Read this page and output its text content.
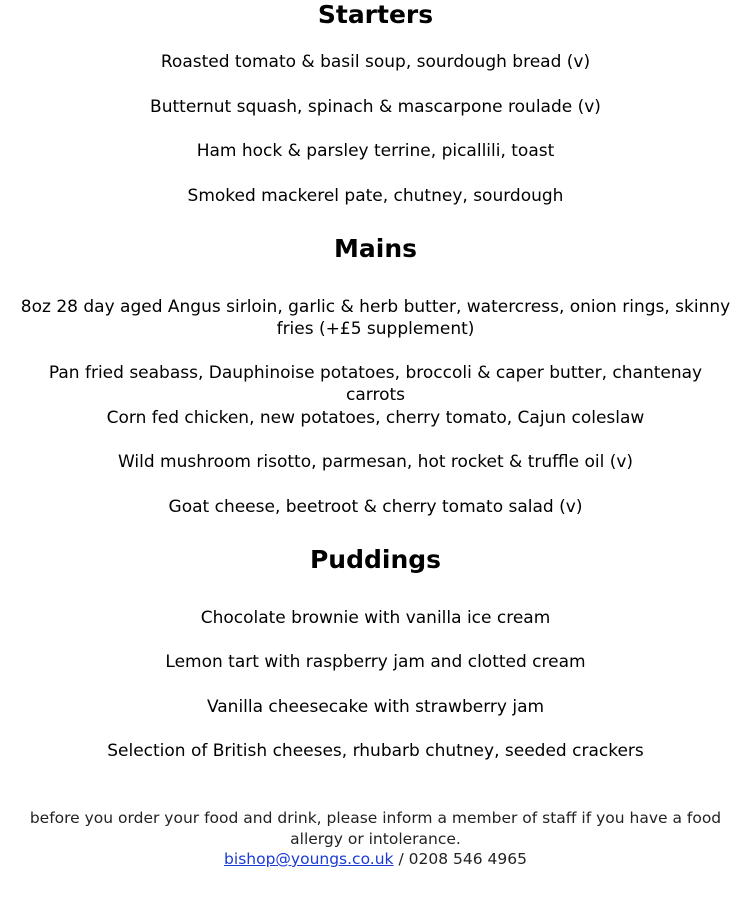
Starters

Roasted tomato & basil soup, sourdough bread (v)

Butternut squash, spinach & mascarpone roulade (v)

Ham hock & parsley terrine, picallili, toast

Smoked mackerel pate, chutney, sourdough

Mains

8oz 28 day aged Angus sirloin, garlic & herb butter, watercress, onion rings, skinny fries (+£5 supplement)

Pan fried seabass, Dauphinoise potatoes, broccoli & caper butter, chantenay carrots

Corn fed chicken, new potatoes, cherry tomato, Cajun coleslaw

Wild mushroom risotto, parmesan, hot rocket & truffle oil (v)

Goat cheese, beetroot & cherry tomato salad (v)

Puddings

Chocolate brownie with vanilla ice cream

Lemon tart with raspberry jam and clotted cream

Vanilla cheesecake with strawberry jam

Selection of British cheeses, rhubarb chutney, seeded crackers

before you order your food and drink, please inform a member of staff if you have a food allergy or intolerance.

bishop@youngs.co.uk / 0208 546 4965
